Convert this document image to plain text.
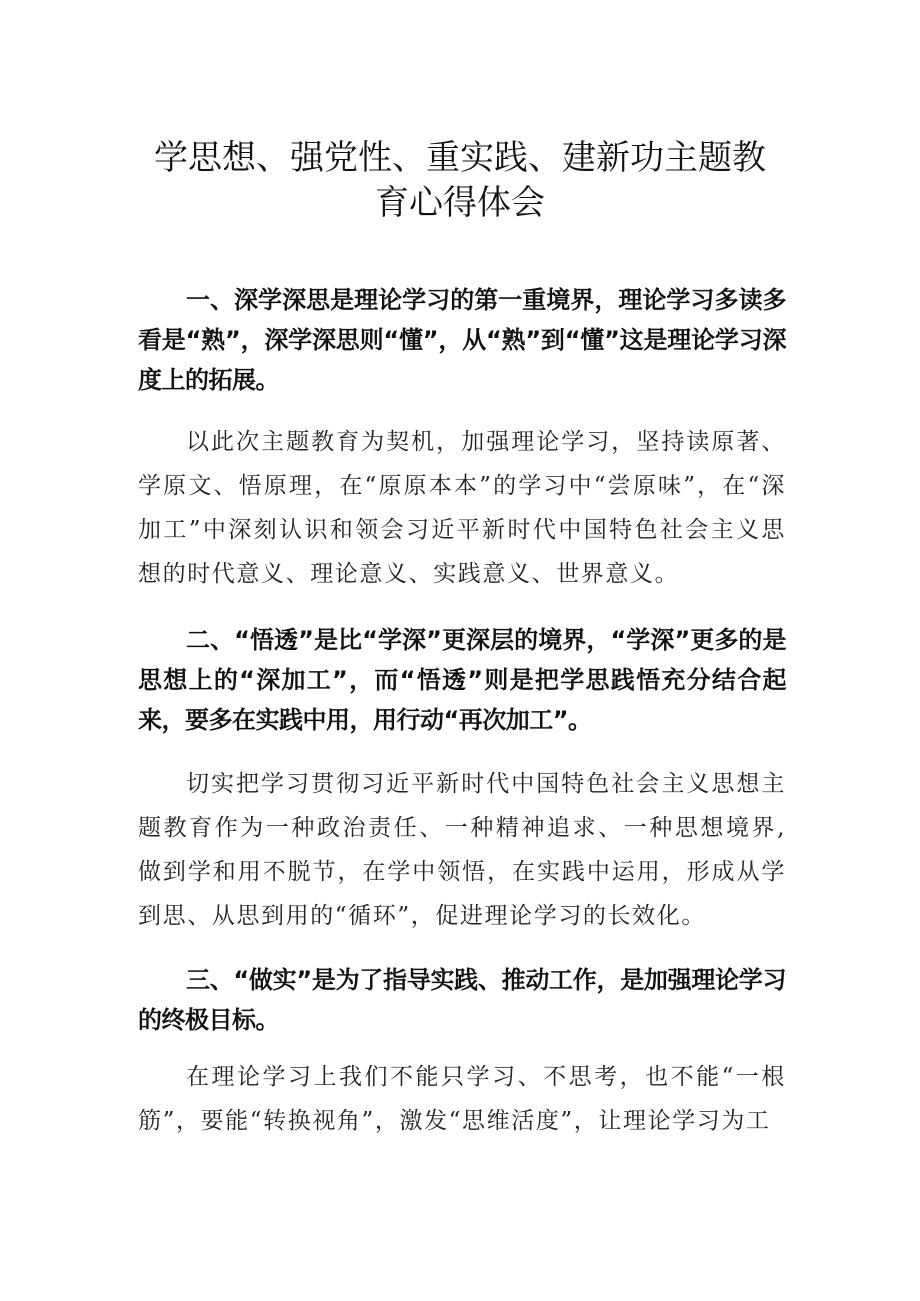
学思想、强党性、重实践、建新功主题教
育心得体会

一、深学深思是理论学习的第一重境界，理论学习多读多看是“熟”，深学深思则“懂”，从“熟”到“懂”这是理论学习深度上的拓展。

以此次主题教育为契机，加强理论学习，坚持读原著、学原文、悟原理，在“原原本本”的学习中“尝原味”，在“深加工”中深刻认识和领会习近平新时代中国特色社会主义思想的时代意义、理论意义、实践意义、世界意义。

二、“悟透”是比“学深”更深层的境界，“学深”更多的是思想上的“深加工”，而“悟透”则是把学思践悟充分结合起来，要多在实践中用，用行动“再次加工”。

切实把学习贯彻习近平新时代中国特色社会主义思想主题教育作为一种政治责任、一种精神追求、一种思想境界,做到学和用不脱节，在学中领悟，在实践中运用，形成从学到思、从思到用的“循环”，促进理论学习的长效化。

三、“做实”是为了指导实践、推动工作，是加强理论学习的终极目标。

在理论学习上我们不能只学习、不思考，也不能“一根筋”，要能“转换视角”，激发“思维活度”，让理论学习为工
